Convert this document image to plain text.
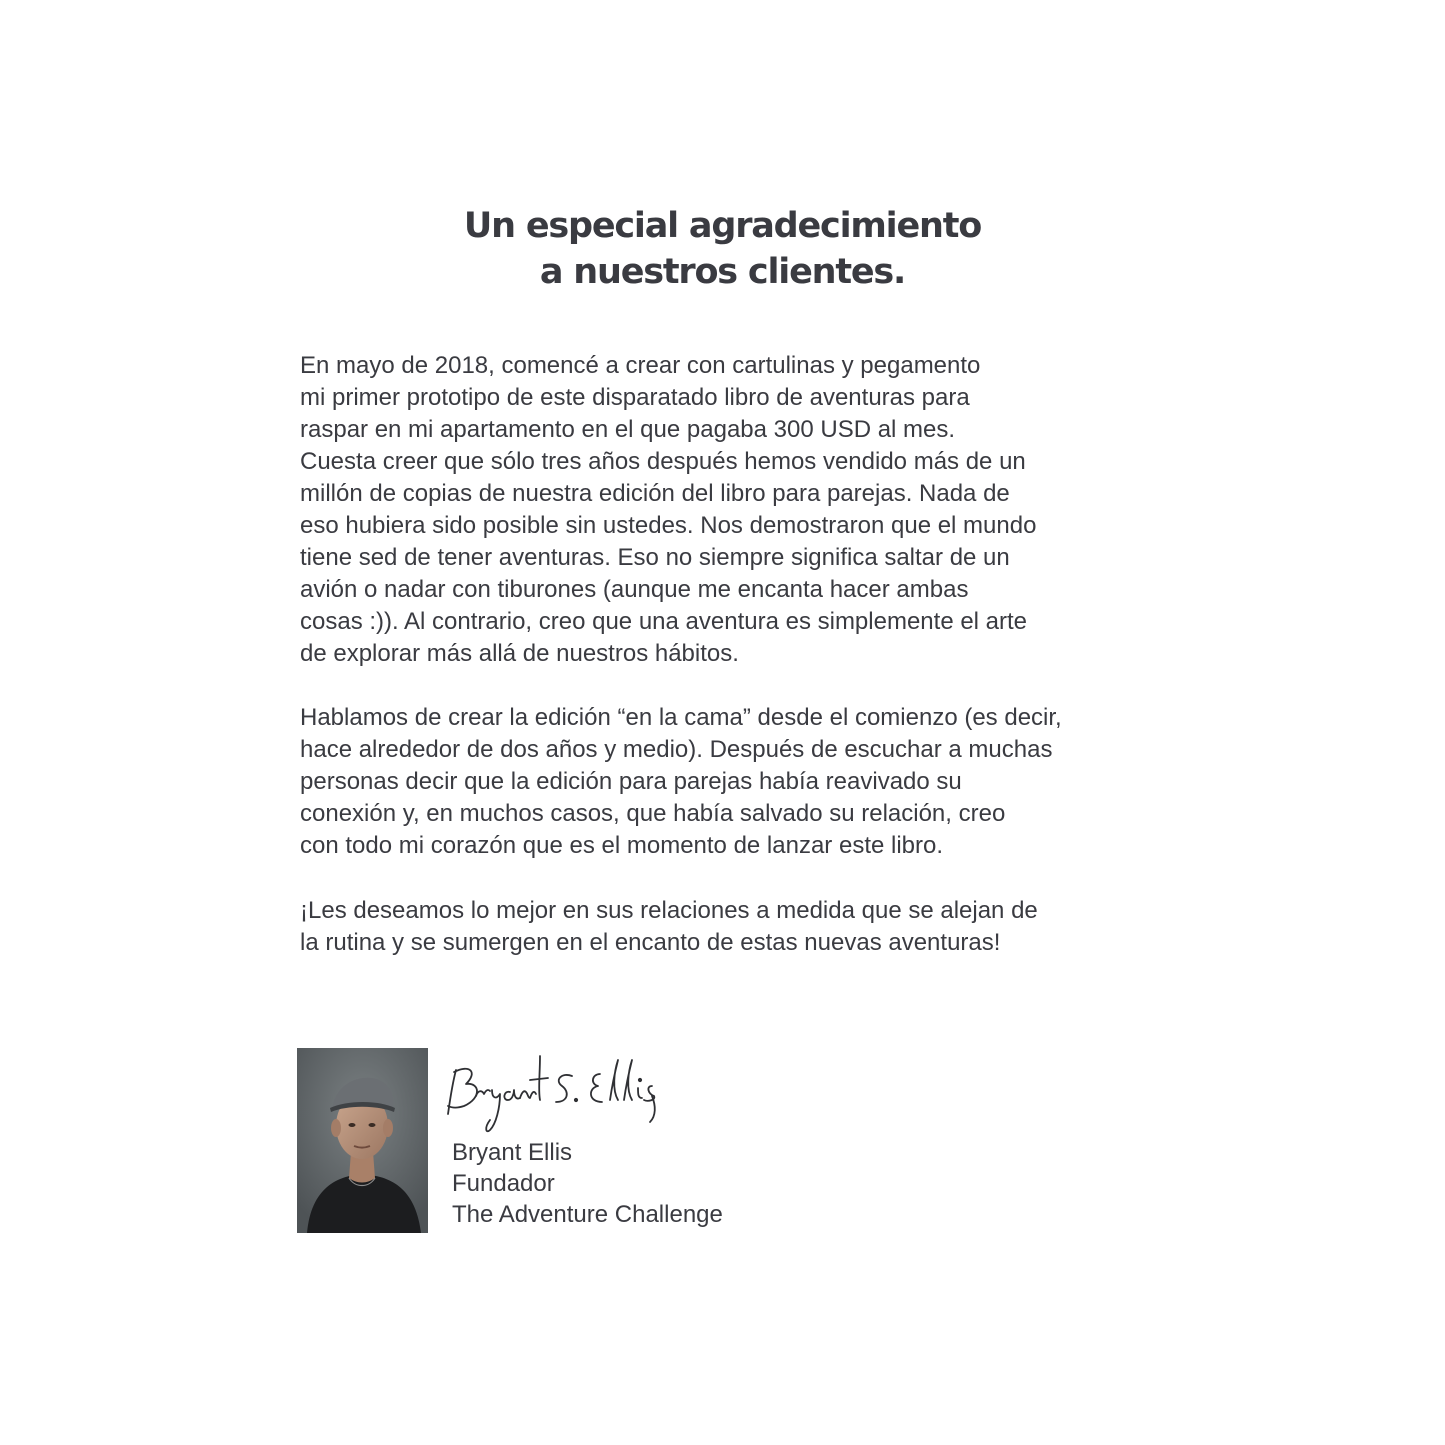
Un especial agradecimiento
a nuestros clientes.

En mayo de 2018, comencé a crear con cartulinas y pegamento
mi primer prototipo de este disparatado libro de aventuras para
raspar en mi apartamento en el que pagaba 300 USD al mes.
Cuesta creer que sólo tres años después hemos vendido más de un
millón de copias de nuestra edición del libro para parejas. Nada de
eso hubiera sido posible sin ustedes. Nos demostraron que el mundo
tiene sed de tener aventuras. Eso no siempre significa saltar de un
avión o nadar con tiburones (aunque me encanta hacer ambas
cosas :)). Al contrario, creo que una aventura es simplemente el arte
de explorar más allá de nuestros hábitos.

Hablamos de crear la edición “en la cama” desde el comienzo (es decir,
hace alrededor de dos años y medio). Después de escuchar a muchas
personas decir que la edición para parejas había reavivado su
conexión y, en muchos casos, que había salvado su relación, creo
con todo mi corazón que es el momento de lanzar este libro.

¡Les deseamos lo mejor en sus relaciones a medida que se alejan de
la rutina y se sumergen en el encanto de estas nuevas aventuras!

Bryant Ellis
Fundador
The Adventure Challenge
